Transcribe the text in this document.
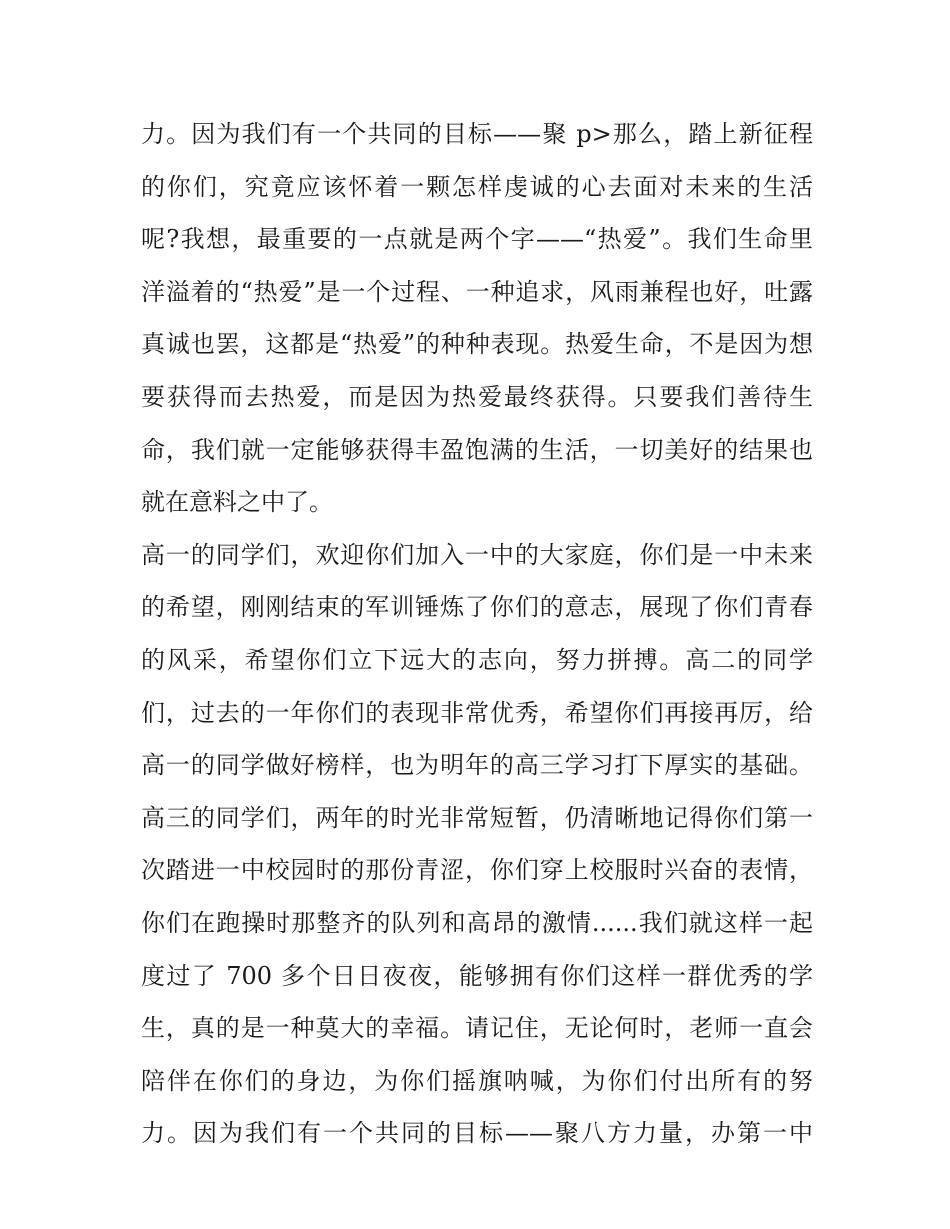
力。因为我们有一个共同的目标——聚 p>那么，踏上新征程
的你们，究竟应该怀着一颗怎样虔诚的心去面对未来的生活
呢?我想，最重要的一点就是两个字——“热爱”。我们生命里
洋溢着的“热爱”是一个过程、一种追求，风雨兼程也好，吐露
真诚也罢，这都是“热爱”的种种表现。热爱生命，不是因为想
要获得而去热爱，而是因为热爱最终获得。只要我们善待生
命，我们就一定能够获得丰盈饱满的生活，一切美好的结果也
就在意料之中了。
高一的同学们，欢迎你们加入一中的大家庭，你们是一中未来
的希望，刚刚结束的军训锤炼了你们的意志，展现了你们青春
的风采，希望你们立下远大的志向，努力拼搏。高二的同学
们，过去的一年你们的表现非常优秀，希望你们再接再厉，给
高一的同学做好榜样，也为明年的高三学习打下厚实的基础。
高三的同学们，两年的时光非常短暂，仍清晰地记得你们第一
次踏进一中校园时的那份青涩，你们穿上校服时兴奋的表情，
你们在跑操时那整齐的队列和高昂的激情......我们就这样一起
度过了 700 多个日日夜夜，能够拥有你们这样一群优秀的学
生，真的是一种莫大的幸福。请记住，无论何时，老师一直会
陪伴在你们的身边，为你们摇旗呐喊，为你们付出所有的努
力。因为我们有一个共同的目标——聚八方力量，办第一中
